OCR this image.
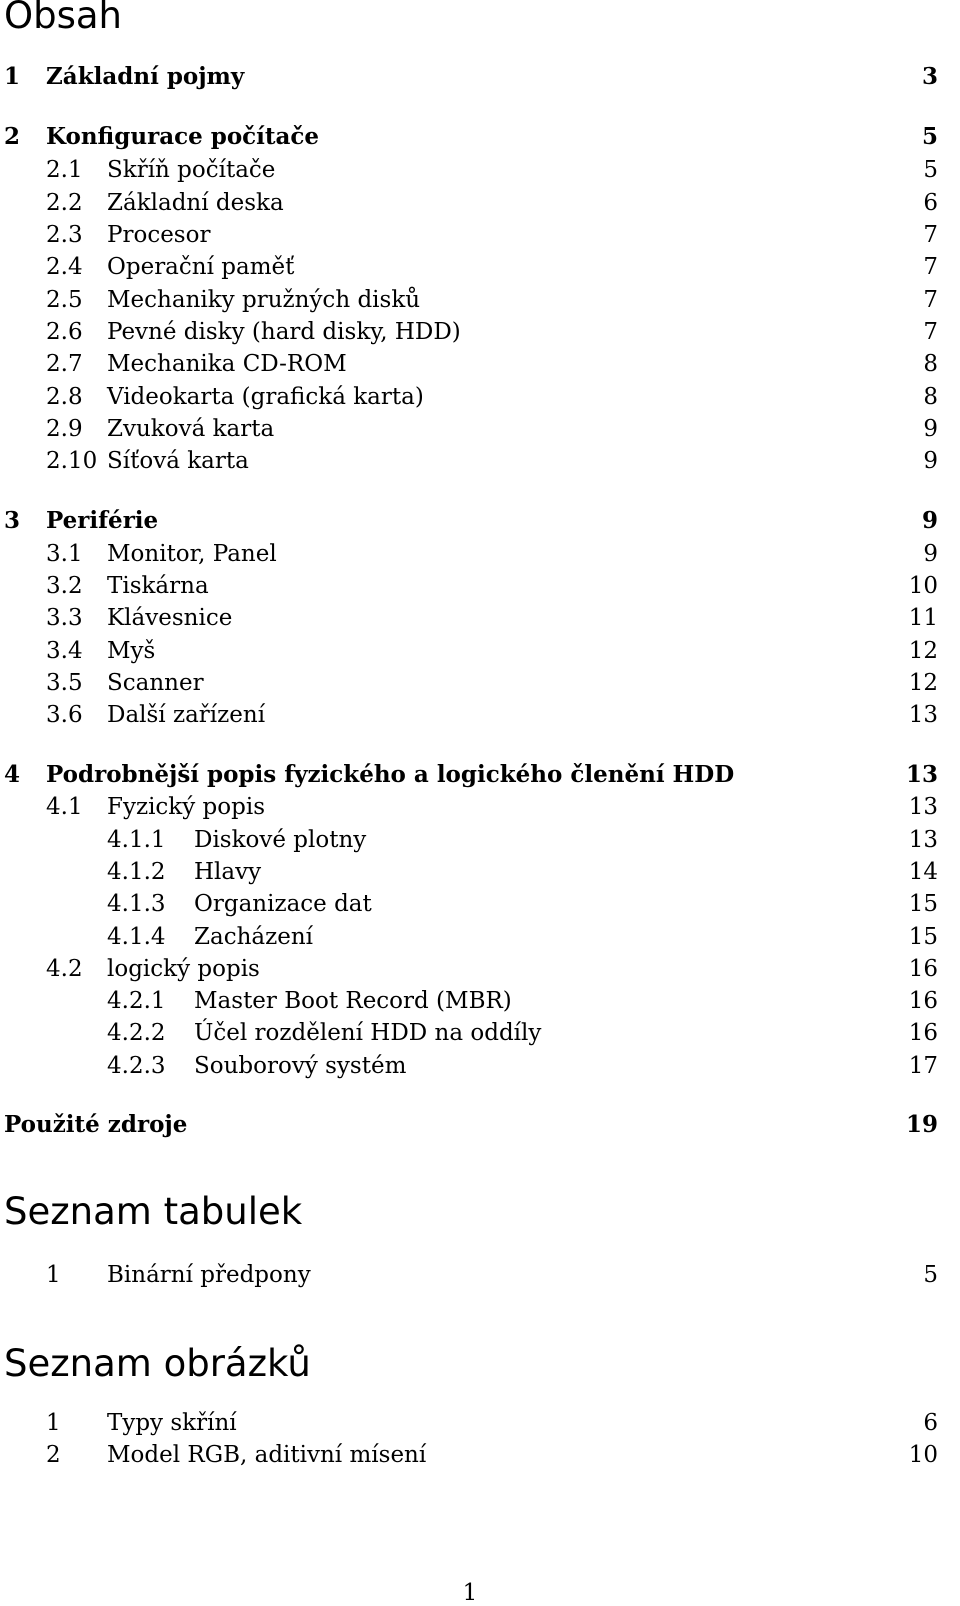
Obsah
1 Základní pojmy	3
2 Konfigurace počítače	5
2.1 Skříň počítače	5
2.2 Základní deska	6
2.3 Procesor	7
2.4 Operační paměť	7
2.5 Mechaniky pružných disků	7
2.6 Pevné disky (hard disky, HDD)	7
2.7 Mechanika CD-ROM	8
2.8 Videokarta (grafická karta)	8
2.9 Zvuková karta	9
2.10 Síťová karta	9
3 Periférie	9
3.1 Monitor, Panel	9
3.2 Tiskárna	10
3.3 Klávesnice	11
3.4 Myš	12
3.5 Scanner	12
3.6 Další zařízení	13
4 Podrobnější popis fyzického a logického členění HDD	13
4.1 Fyzický popis	13
4.1.1 Diskové plotny	13
4.1.2 Hlavy	14
4.1.3 Organizace dat	15
4.1.4 Zacházení	15
4.2 logický popis	16
4.2.1 Master Boot Record (MBR)	16
4.2.2 Účel rozdělení HDD na oddíly	16
4.2.3 Souborový systém	17
Použité zdroje	19
Seznam tabulek
1 Binární předpony	5
Seznam obrázků
1 Typy skříní	6
2 Model RGB, aditivní mísení	10
1
